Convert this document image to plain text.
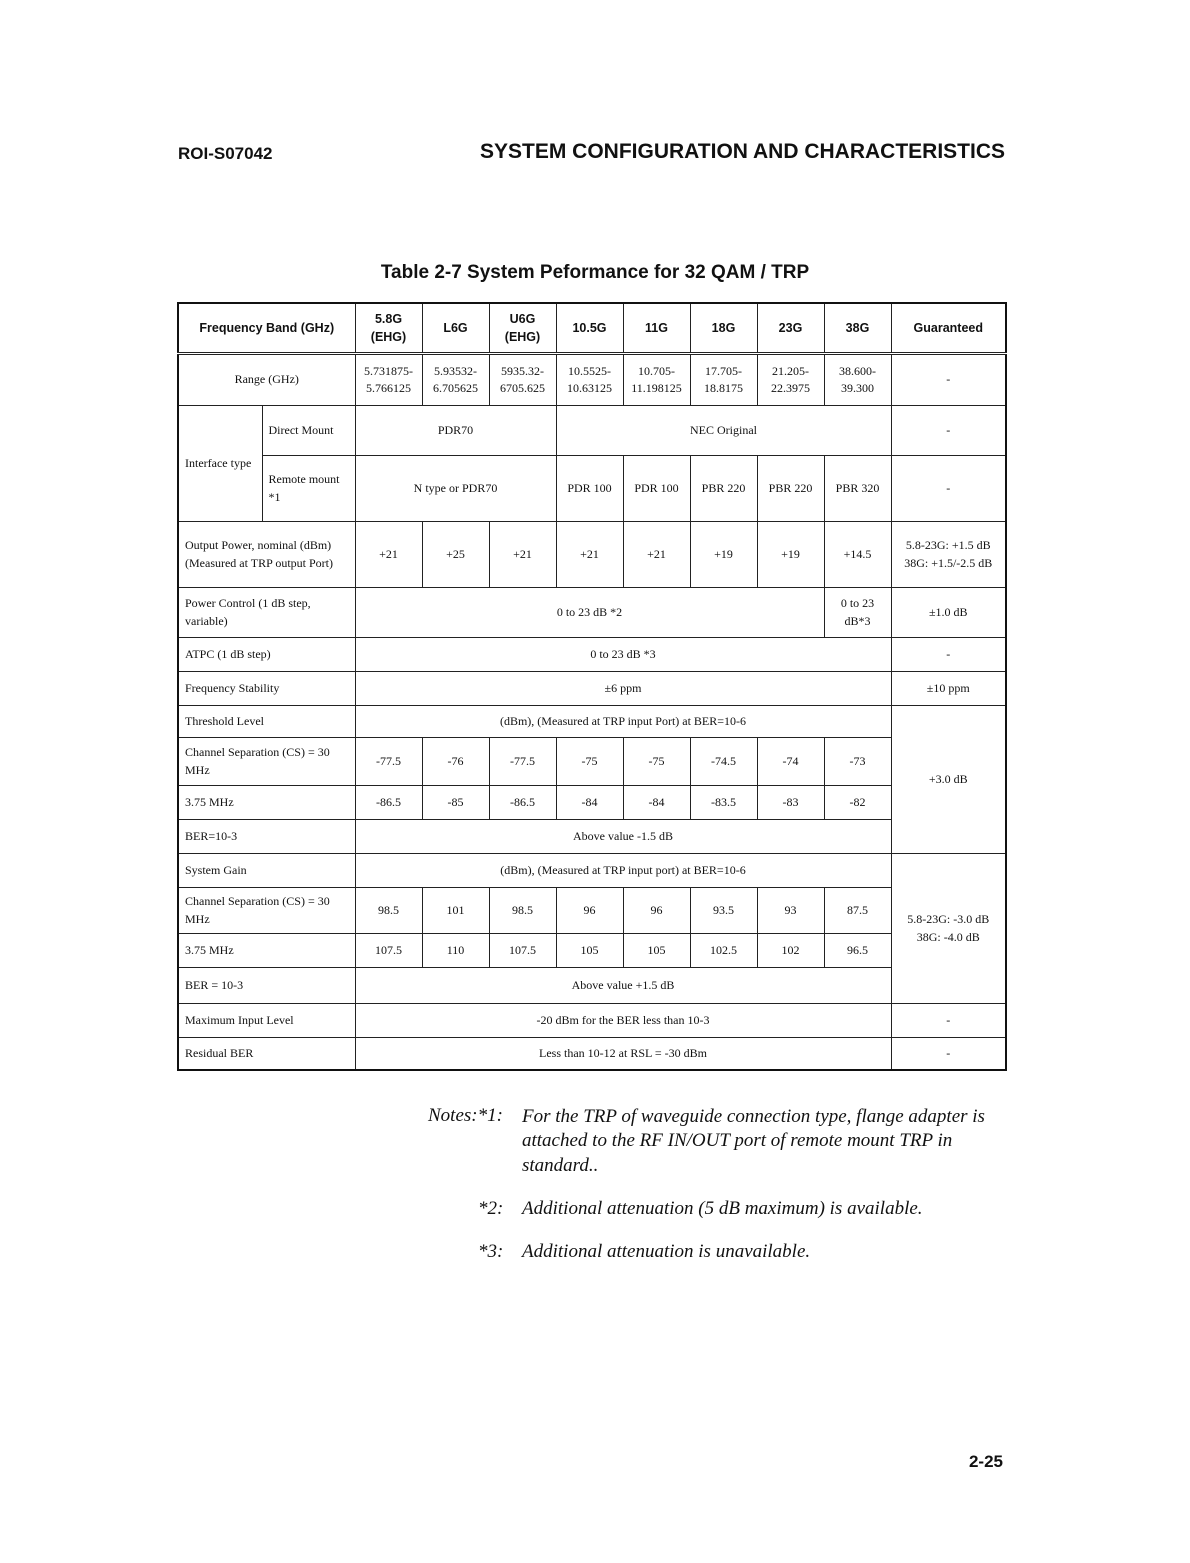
ROI-S07042	SYSTEM CONFIGURATION AND CHARACTERISTICS
Table 2-7 System Peformance for 32 QAM / TRP
Frequency Band (GHz)		5.8G (EHG)	L6G	U6G (EHG)	10.5G	11G	18G	23G	38G	Guaranteed
Range (GHz)		5.731875- 5.766125	5.93532- 6.705625	5935.32- 6705.625	10.5525- 10.63125	10.705- 11.198125	17.705- 18.8175	21.205- 22.3975	38.600- 39.300	-
Interface type	Direct Mount	PDR70			NEC Original					-
	Remote mount *1	N type or PDR70			PDR 100	PDR 100	PBR 220	PBR 220	PBR 320	-
Output Power, nominal (dBm) (Measured at TRP output Port)		+21	+25	+21	+21	+21	+19	+19	+14.5	5.8-23G: +1.5 dB 38G: +1.5/-2.5 dB
Power Control (1 dB step, variable)		0 to 23 dB *2							0 to 23 dB*3	±1.0 dB
ATPC (1 dB step)		0 to 23 dB *3								-
Frequency Stability		±6 ppm								±10 ppm
Threshold Level		(dBm), (Measured at TRP input Port) at BER=10-6								+3.0 dB
Channel Separation (CS) = 30 MHz		-77.5	-76	-77.5	-75	-75	-74.5	-74	-73	
3.75 MHz		-86.5	-85	-86.5	-84	-84	-83.5	-83	-82	
BER=10-3		Above value -1.5 dB								
System Gain		(dBm), (Measured at TRP input port) at BER=10-6								5.8-23G: -3.0 dB 38G: -4.0 dB
Channel Separation (CS) = 30 MHz		98.5	101	98.5	96	96	93.5	93	87.5	
3.75 MHz		107.5	110	107.5	105	105	102.5	102	96.5	
BER = 10-3		Above value +1.5 dB								
Maximum Input Level		-20 dBm for the BER less than 10-3								-
Residual BER		Less than 10-12 at RSL = -30 dBm								-
Notes:*1: For the TRP of waveguide connection type, flange adapter is attached to the RF IN/OUT port of remote mount TRP in standard..
*2: Additional attenuation (5 dB maximum) is available.
*3: Additional attenuation is unavailable.
2-25
